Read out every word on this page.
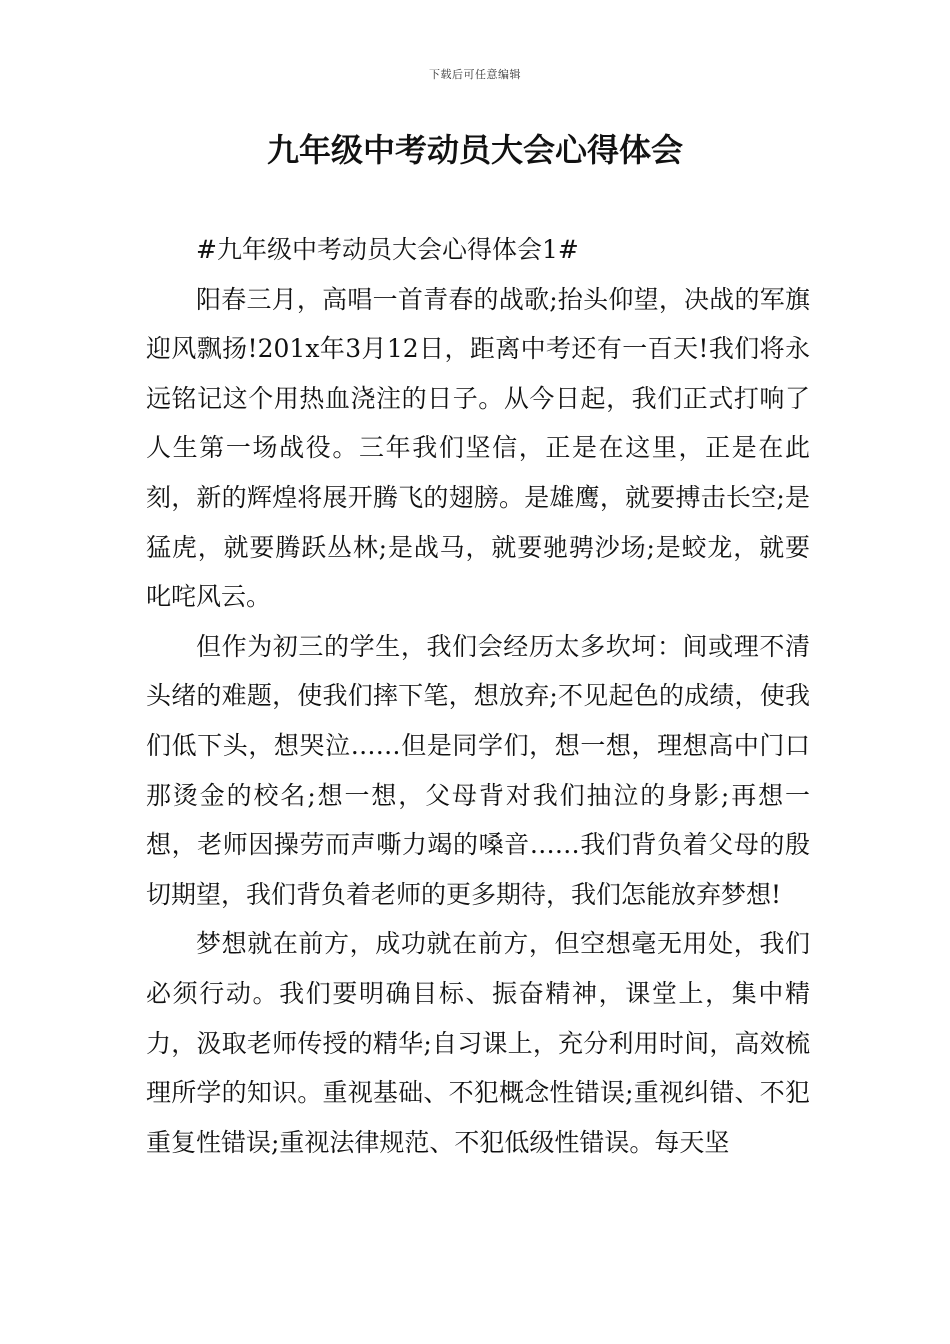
下载后可任意编辑
九年级中考动员大会心得体会

#九年级中考动员大会心得体会1#

阳春三月，高唱一首青春的战歌;抬头仰望，决战的军旗迎风飘扬!201x年3月12日，距离中考还有一百天!我们将永远铭记这个用热血浇注的日子。从今日起，我们正式打响了人生第一场战役。三年我们坚信，正是在这里，正是在此刻，新的辉煌将展开腾飞的翅膀。是雄鹰，就要搏击长空;是猛虎，就要腾跃丛林;是战马，就要驰骋沙场;是蛟龙，就要叱咤风云。

但作为初三的学生，我们会经历太多坎坷：间或理不清头绪的难题，使我们摔下笔，想放弃;不见起色的成绩，使我们低下头，想哭泣……但是同学们，想一想，理想高中门口那烫金的校名;想一想，父母背对我们抽泣的身影;再想一想，老师因操劳而声嘶力竭的嗓音……我们背负着父母的殷切期望，我们背负着老师的更多期待，我们怎能放弃梦想!

梦想就在前方，成功就在前方，但空想毫无用处，我们必须行动。我们要明确目标、振奋精神，课堂上，集中精力，汲取老师传授的精华;自习课上，充分利用时间，高效梳理所学的知识。重视基础、不犯概念性错误;重视纠错、不犯重复性错误;重视法律规范、不犯低级性错误。每天坚
